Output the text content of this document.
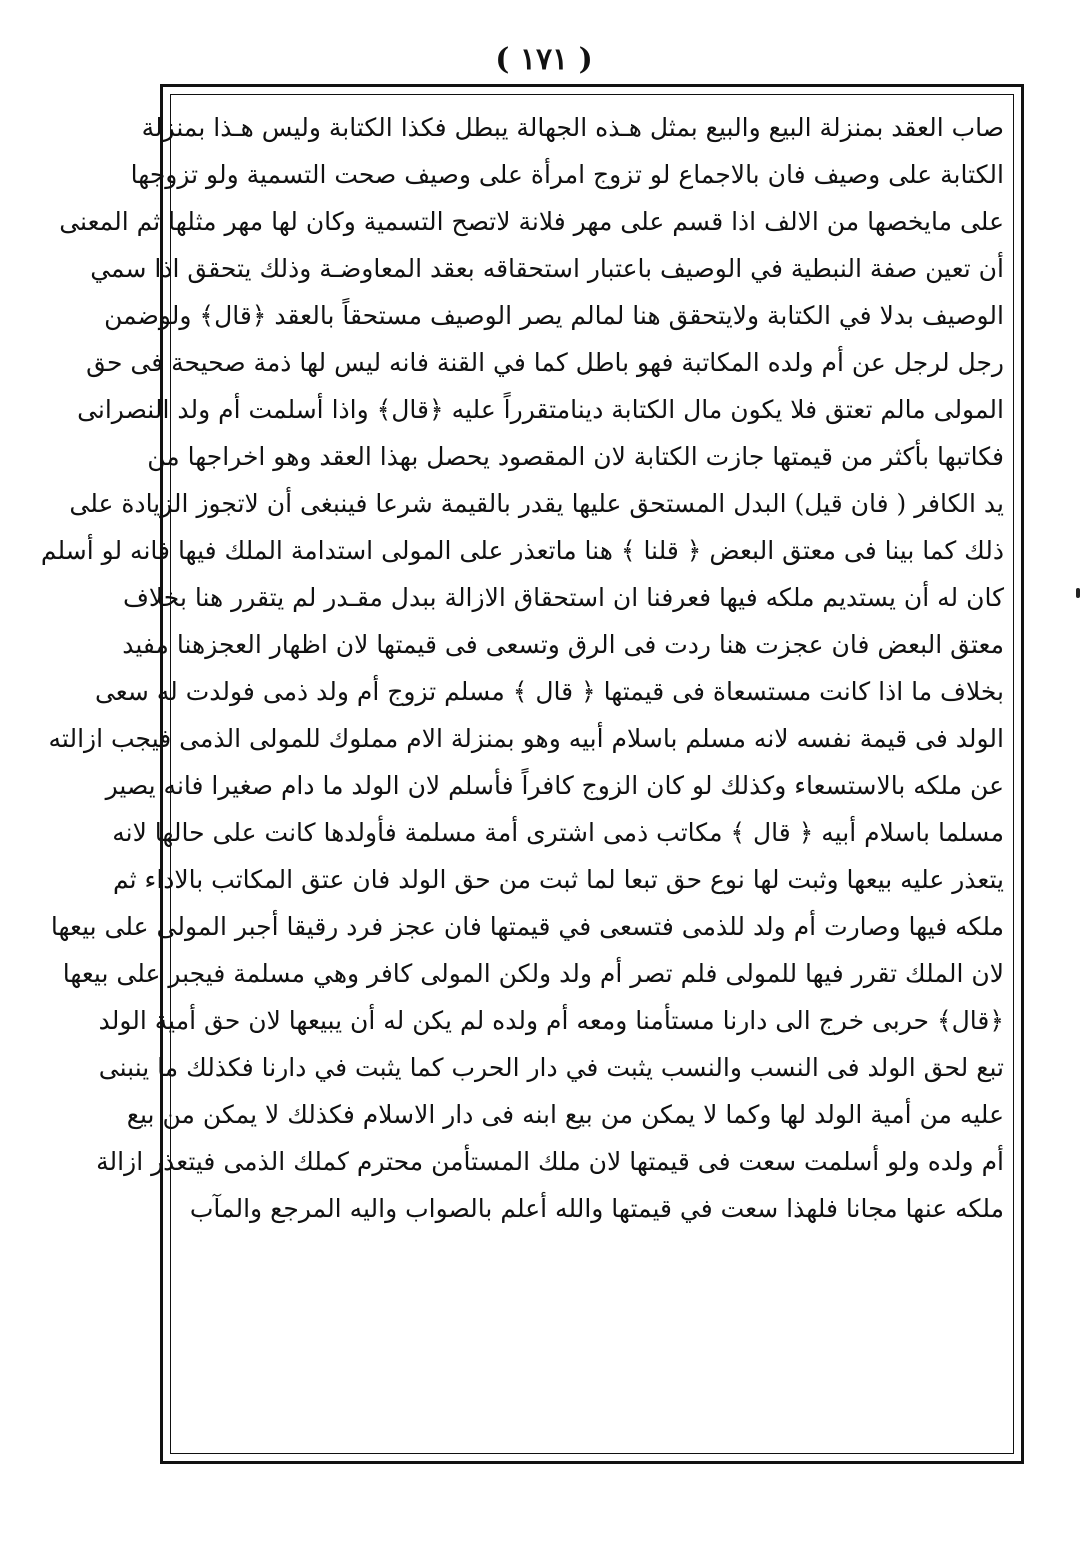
( ١٧١ )
صاب العقد بمنزلة البيع والبيع بمثل هـذه الجهالة يبطل فكذا الكتابة وليس هـذا بمنزلة
الكتابة على وصيف فان بالاجماع لو تزوج امرأة على وصيف صحت التسمية ولو تزوجها
على مايخصها من الالف اذا قسم على مهر فلانة لاتصح التسمية وكان لها مهر مثلها ثم المعنى
أن تعين صفة النبطية في الوصيف باعتبار استحقاقه بعقد المعاوضـة وذلك يتحقق اذا سمي
الوصيف بدلا في الكتابة ولايتحقق هنا لمالم يصر الوصيف مستحقاً بالعقد ﴿قال﴾ ولوضمن
رجل لرجل عن أم ولده المكاتبة فهو باطل كما في القنة فانه ليس لها ذمة صحيحة فى حق
المولى مالم تعتق فلا يكون مال الكتابة دينامتقرراً عليه ﴿قال﴾ واذا أسلمت أم ولد النصرانى
فكاتبها بأكثر من قيمتها جازت الكتابة لان المقصود يحصل بهذا العقد وهو اخراجها من
يد الكافر ( فان قيل) البدل المستحق عليها يقدر بالقيمة شرعا فينبغى أن لاتجوز الزيادة على
ذلك كما بينا فى معتق البعض ﴿ قلنا ﴾ هنا ماتعذر على المولى استدامة الملك فيها فانه لو أسلم
كان له أن يستديم ملكه فيها فعرفنا ان استحقاق الازالة ببدل مقـدر لم يتقرر هنا بخلاف
معتق البعض فان عجزت هنا ردت فى الرق وتسعى فى قيمتها لان اظهار العجزهنا مفيد
بخلاف ما اذا كانت مستسعاة فى قيمتها ﴿ قال ﴾ مسلم تزوج أم ولد ذمى فولدت له سعى
الولد فى قيمة نفسه لانه مسلم باسلام أبيه وهو بمنزلة الام مملوك للمولى الذمى فيجب ازالته
عن ملكه بالاستسعاء وكذلك لو كان الزوج كافراً فأسلم لان الولد ما دام صغيرا فانه يصير
مسلما باسلام أبيه ﴿ قال ﴾ مكاتب ذمى اشترى أمة مسلمة فأولدها كانت على حالها لانه
يتعذر عليه بيعها وثبت لها نوع حق تبعا لما ثبت من حق الولد فان عتق المكاتب بالاداء ثم
ملكه فيها وصارت أم ولد للذمى فتسعى في قيمتها فان عجز فرد رقيقا أجبر المولى على بيعها
لان الملك تقرر فيها للمولى فلم تصر أم ولد ولكن المولى كافر وهي مسلمة فيجبر على بيعها
﴿قال﴾ حربى خرج الى دارنا مستأمنا ومعه أم ولده لم يكن له أن يبيعها لان حق أمية الولد
تبع لحق الولد فى النسب والنسب يثبت في دار الحرب كما يثبت في دارنا فكذلك ما ينبنى
عليه من أمية الولد لها وكما لا يمكن من بيع ابنه فى دار الاسلام فكذلك لا يمكن من بيع
أم ولده ولو أسلمت سعت فى قيمتها لان ملك المستأمن محترم كملك الذمى فيتعذر ازالة
ملكه عنها مجانا فلهذا سعت في قيمتها والله أعلم بالصواب واليه المرجع والمآب
